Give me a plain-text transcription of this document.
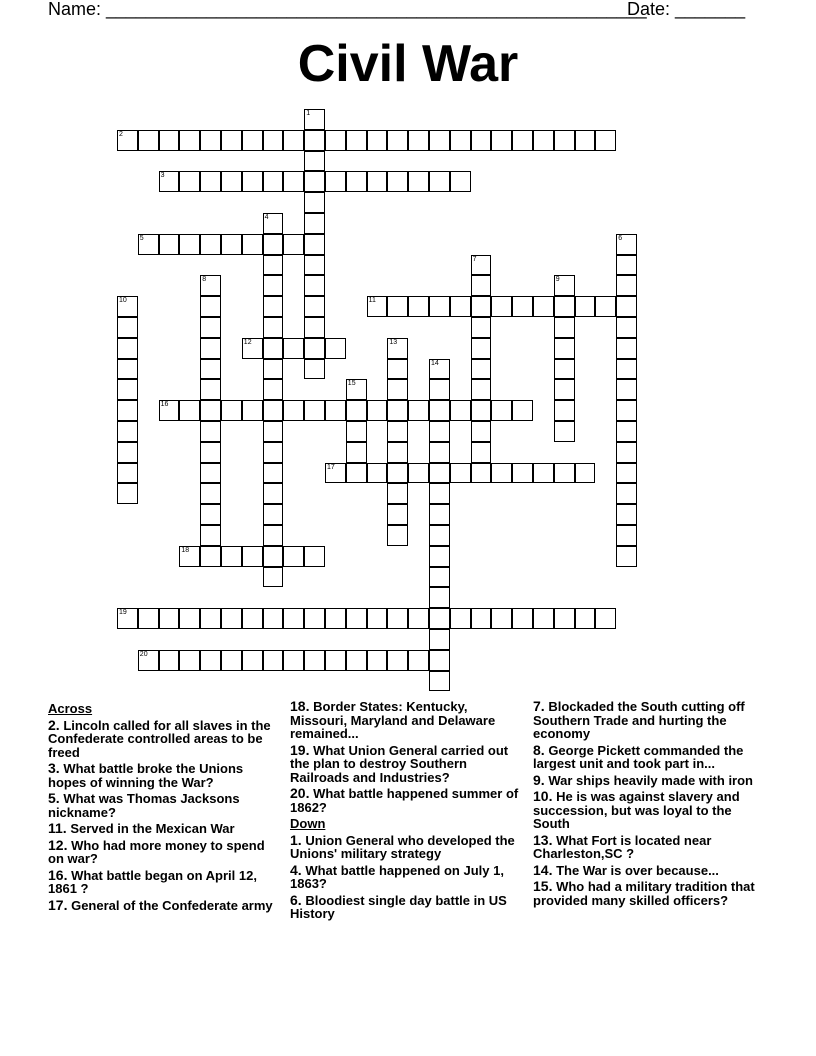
Name: ______________________________________________________
Date: _______
Civil War
1
2
3
4
5	6
7
8	9
10	11
12	13
14
15
16
17
18
19
20
Across
2. Lincoln called for all slaves in the Confederate controlled areas to be freed
3. What battle broke the Unions hopes of winning the War?
5. What was Thomas Jacksons nickname?
11. Served in the Mexican War
12. Who had more money to spend on war?
16. What battle began on April 12, 1861 ?
17. General of the Confederate army
18. Border States: Kentucky, Missouri, Maryland and Delaware remained...
19. What Union General carried out the plan to destroy Southern Railroads and Industries?
20. What battle happened summer of 1862?
Down
1. Union General who developed the Unions' military strategy
4. What battle happened on July 1, 1863?
6. Bloodiest single day battle in US History
7. Blockaded the South cutting off Southern Trade and hurting the economy
8. George Pickett commanded the largest unit and took part in...
9. War ships heavily made with iron
10. He is was against slavery and succession, but was loyal to the South
13. What Fort is located near Charleston,SC ?
14. The War is over because...
15. Who had a military tradition that provided many skilled officers?
